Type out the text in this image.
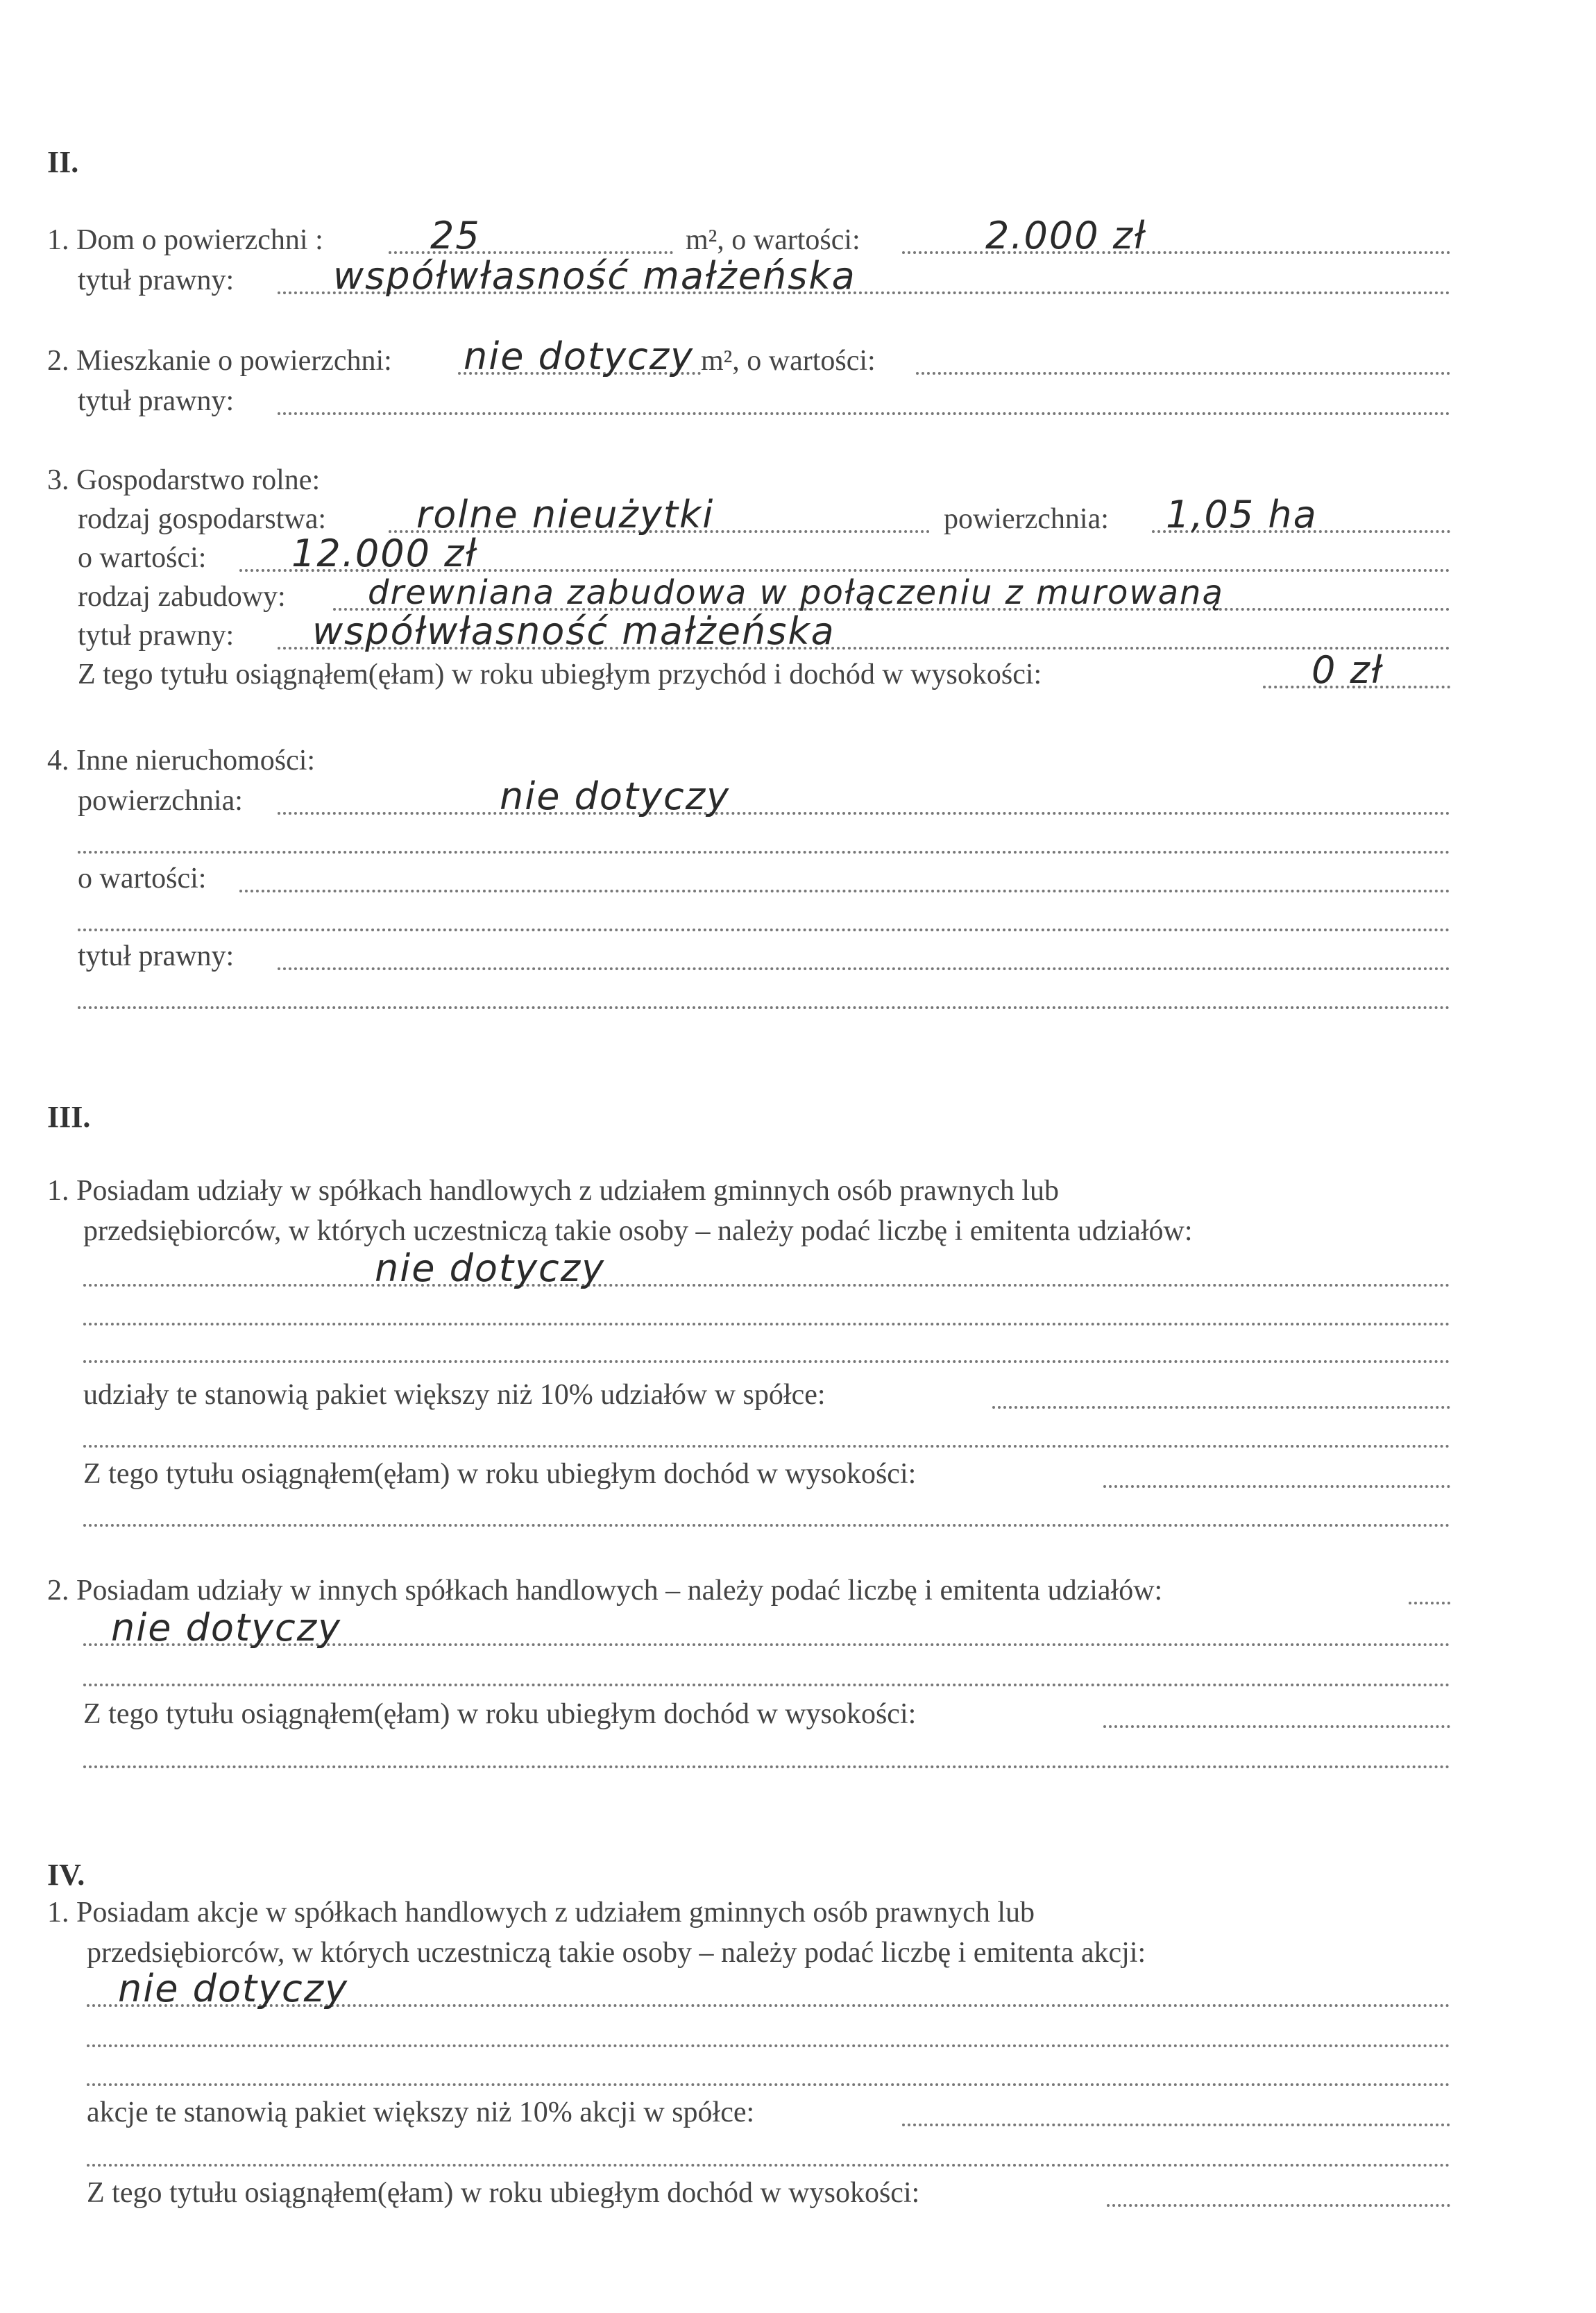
II.
1. Dom o powierzchni :	25	m², o wartości:	2.000 zł
tytuł prawny:	współwłasność małżeńska
2. Mieszkanie o powierzchni: nie dotyczy m², o wartości:
tytuł prawny:
3. Gospodarstwo rolne:
rodzaj gospodarstwa: rolne nieużytki	powierzchnia: 1,05 ha
o wartości: 12.000 zł
rodzaj zabudowy: drewniana zabudowa w połączeniu z murowaną
tytuł prawny: współwłasność małżeńska
Z tego tytułu osiągnąłem(ęłam) w roku ubiegłym przychód i dochód w wysokości:	0 zł
4. Inne nieruchomości:
powierzchnia:	nie dotyczy
o wartości:
tytuł prawny:
III.
1. Posiadam udziały w spółkach handlowych z udziałem gminnych osób prawnych lub
przedsiębiorców, w których uczestniczą takie osoby – należy podać liczbę i emitenta udziałów:
nie dotyczy
udziały te stanowią pakiet większy niż 10% udziałów w spółce:
Z tego tytułu osiągnąłem(ęłam) w roku ubiegłym dochód w wysokości:
2. Posiadam udziały w innych spółkach handlowych – należy podać liczbę i emitenta udziałów:
nie dotyczy
Z tego tytułu osiągnąłem(ęłam) w roku ubiegłym dochód w wysokości:
IV.
1. Posiadam akcje w spółkach handlowych z udziałem gminnych osób prawnych lub
przedsiębiorców, w których uczestniczą takie osoby – należy podać liczbę i emitenta akcji:
nie dotyczy
akcje te stanowią pakiet większy niż 10% akcji w spółce:
Z tego tytułu osiągnąłem(ęłam) w roku ubiegłym dochód w wysokości:
